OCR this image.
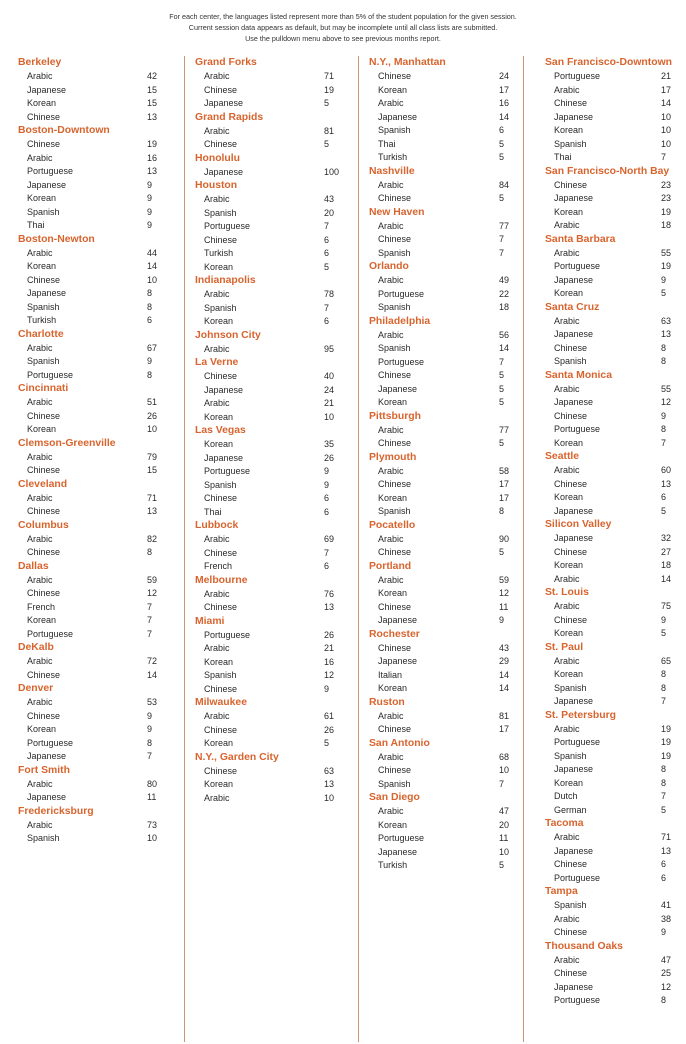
For each center, the languages listed represent more than 5% of the student population for the given session.
Current session data appears as default, but may be incomplete until all class lists are submitted.
Use the pulldown menu above to see previous months report.
Berkeley
Arabic	42
Japanese	15
Korean	15
Chinese	13
Boston-Downtown
Chinese	19
Arabic	16
Portuguese	13
Japanese	9
Korean	9
Spanish	9
Thai	9
Boston-Newton
Arabic	44
Korean	14
Chinese	10
Japanese	8
Spanish	8
Turkish	6
Charlotte
Arabic	67
Spanish	9
Portuguese	8
Cincinnati
Arabic	51
Chinese	26
Korean	10
Clemson-Greenville
Arabic	79
Chinese	15
Cleveland
Arabic	71
Chinese	13
Columbus
Arabic	82
Chinese	8
Dallas
Arabic	59
Chinese	12
French	7
Korean	7
Portuguese	7
DeKalb
Arabic	72
Chinese	14
Denver
Arabic	53
Chinese	9
Korean	9
Portuguese	8
Japanese	7
Fort Smith
Arabic	80
Japanese	11
Fredericksburg
Arabic	73
Spanish	10
Grand Forks
Arabic	71
Chinese	19
Japanese	5
Grand Rapids
Arabic	81
Chinese	5
Honolulu
Japanese	100
Houston
Arabic	43
Spanish	20
Portuguese	7
Chinese	6
Turkish	6
Korean	5
Indianapolis
Arabic	78
Spanish	7
Korean	6
Johnson City
Arabic	95
La Verne
Chinese	40
Japanese	24
Arabic	21
Korean	10
Las Vegas
Korean	35
Japanese	26
Portuguese	9
Spanish	9
Chinese	6
Thai	6
Lubbock
Arabic	69
Chinese	7
French	6
Melbourne
Arabic	76
Chinese	13
Miami
Portuguese	26
Arabic	21
Korean	16
Spanish	12
Chinese	9
Milwaukee
Arabic	61
Chinese	26
Korean	5
N.Y., Garden City
Chinese	63
Korean	13
Arabic	10
N.Y., Manhattan
Chinese	24
Korean	17
Arabic	16
Japanese	14
Spanish	6
Thai	5
Turkish	5
Nashville
Arabic	84
Chinese	5
New Haven
Arabic	77
Chinese	7
Spanish	7
Orlando
Arabic	49
Portuguese	22
Spanish	18
Philadelphia
Arabic	56
Spanish	14
Portuguese	7
Chinese	5
Japanese	5
Korean	5
Pittsburgh
Arabic	77
Chinese	5
Plymouth
Arabic	58
Chinese	17
Korean	17
Spanish	8
Pocatello
Arabic	90
Chinese	5
Portland
Arabic	59
Korean	12
Chinese	11
Japanese	9
Rochester
Chinese	43
Japanese	29
Italian	14
Korean	14
Ruston
Arabic	81
Chinese	17
San Antonio
Arabic	68
Chinese	10
Spanish	7
San Diego
Arabic	47
Korean	20
Portuguese	11
Japanese	10
Turkish	5
San Francisco-Downtown
Portuguese	21
Arabic	17
Chinese	14
Japanese	10
Korean	10
Spanish	10
Thai	7
San Francisco-North Bay
Chinese	23
Japanese	23
Korean	19
Arabic	18
Santa Barbara
Arabic	55
Portuguese	19
Japanese	9
Korean	5
Santa Cruz
Arabic	63
Japanese	13
Chinese	8
Spanish	8
Santa Monica
Arabic	55
Japanese	12
Chinese	9
Portuguese	8
Korean	7
Seattle
Arabic	60
Chinese	13
Korean	6
Japanese	5
Silicon Valley
Japanese	32
Chinese	27
Korean	18
Arabic	14
St. Louis
Arabic	75
Chinese	9
Korean	5
St. Paul
Arabic	65
Korean	8
Spanish	8
Japanese	7
St. Petersburg
Arabic	19
Portuguese	19
Spanish	19
Japanese	8
Korean	8
Dutch	7
German	5
Tacoma
Arabic	71
Japanese	13
Chinese	6
Portuguese	6
Tampa
Spanish	41
Arabic	38
Chinese	9
Thousand Oaks
Arabic	47
Chinese	25
Japanese	12
Portuguese	8
